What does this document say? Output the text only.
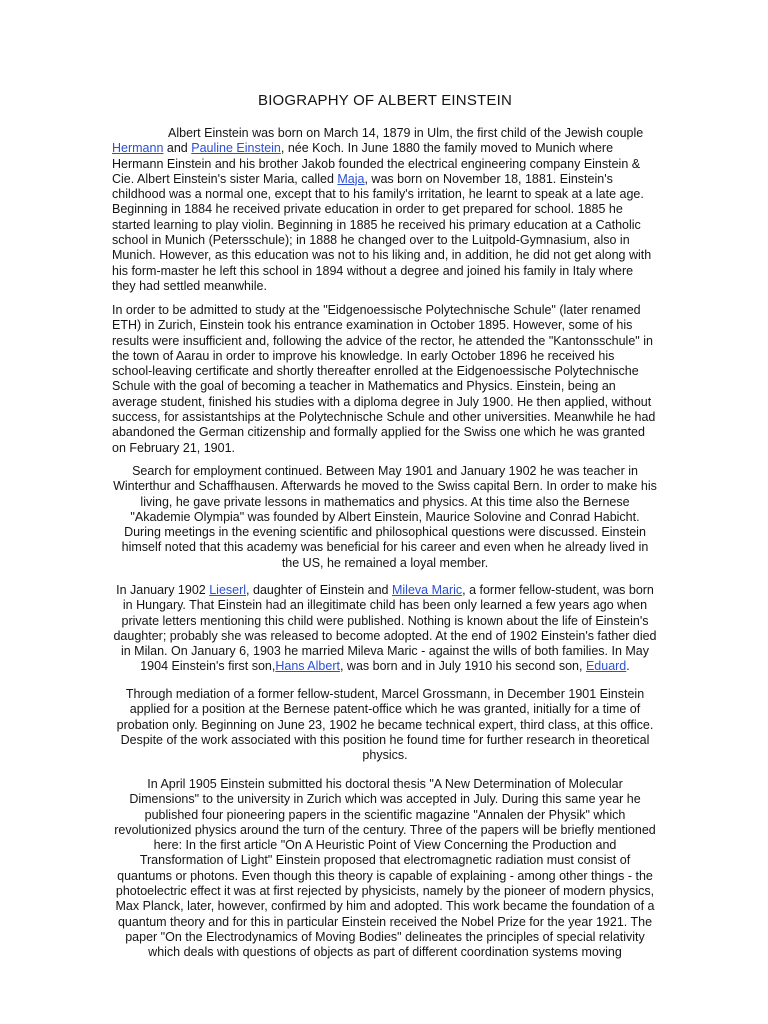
BIOGRAPHY OF ALBERT EINSTEIN

Albert Einstein was born on March 14, 1879 in Ulm, the first child of the Jewish couple Hermann and Pauline Einstein, née Koch. In June 1880 the family moved to Munich where Hermann Einstein and his brother Jakob founded the electrical engineering company Einstein & Cie. Albert Einstein's sister Maria, called Maja, was born on November 18, 1881. Einstein's childhood was a normal one, except that to his family's irritation, he learnt to speak at a late age. Beginning in 1884 he received private education in order to get prepared for school. 1885 he started learning to play violin. Beginning in 1885 he received his primary education at a Catholic school in Munich (Petersschule); in 1888 he changed over to the Luitpold-Gymnasium, also in Munich. However, as this education was not to his liking and, in addition, he did not get along with his form-master he left this school in 1894 without a degree and joined his family in Italy where they had settled meanwhile.

In order to be admitted to study at the "Eidgenoessische Polytechnische Schule" (later renamed ETH) in Zurich, Einstein took his entrance examination in October 1895. However, some of his results were insufficient and, following the advice of the rector, he attended the "Kantonsschule" in the town of Aarau in order to improve his knowledge. In early October 1896 he received his school-leaving certificate and shortly thereafter enrolled at the Eidgenoessische Polytechnische Schule with the goal of becoming a teacher in Mathematics and Physics. Einstein, being an average student, finished his studies with a diploma degree in July 1900. He then applied, without success, for assistantships at the Polytechnische Schule and other universities. Meanwhile he had abandoned the German citizenship and formally applied for the Swiss one which he was granted on February 21, 1901.

Search for employment continued. Between May 1901 and January 1902 he was teacher in Winterthur and Schaffhausen. Afterwards he moved to the Swiss capital Bern. In order to make his living, he gave private lessons in mathematics and physics. At this time also the Bernese "Akademie Olympia" was founded by Albert Einstein, Maurice Solovine and Conrad Habicht. During meetings in the evening scientific and philosophical questions were discussed. Einstein himself noted that this academy was beneficial for his career and even when he already lived in the US, he remained a loyal member.

In January 1902 Lieserl, daughter of Einstein and Mileva Maric, a former fellow-student, was born in Hungary. That Einstein had an illegitimate child has been only learned a few years ago when private letters mentioning this child were published. Nothing is known about the life of Einstein's daughter; probably she was released to become adopted. At the end of 1902 Einstein's father died in Milan. On January 6, 1903 he married Mileva Maric - against the wills of both families. In May 1904 Einstein's first son,Hans Albert, was born and in July 1910 his second son, Eduard.

Through mediation of a former fellow-student, Marcel Grossmann, in December 1901 Einstein applied for a position at the Bernese patent-office which he was granted, initially for a time of probation only. Beginning on June 23, 1902 he became technical expert, third class, at this office. Despite of the work associated with this position he found time for further research in theoretical physics.

In April 1905 Einstein submitted his doctoral thesis "A New Determination of Molecular Dimensions" to the university in Zurich which was accepted in July. During this same year he published four pioneering papers in the scientific magazine "Annalen der Physik" which revolutionized physics around the turn of the century. Three of the papers will be briefly mentioned here: In the first article "On A Heuristic Point of View Concerning the Production and Transformation of Light" Einstein proposed that electromagnetic radiation must consist of quantums or photons. Even though this theory is capable of explaining - among other things - the photoelectric effect it was at first rejected by physicists, namely by the pioneer of modern physics, Max Planck, later, however, confirmed by him and adopted. This work became the foundation of a quantum theory and for this in particular Einstein received the Nobel Prize for the year 1921. The paper "On the Electrodynamics of Moving Bodies" delineates the principles of special relativity which deals with questions of objects as part of different coordination systems moving
